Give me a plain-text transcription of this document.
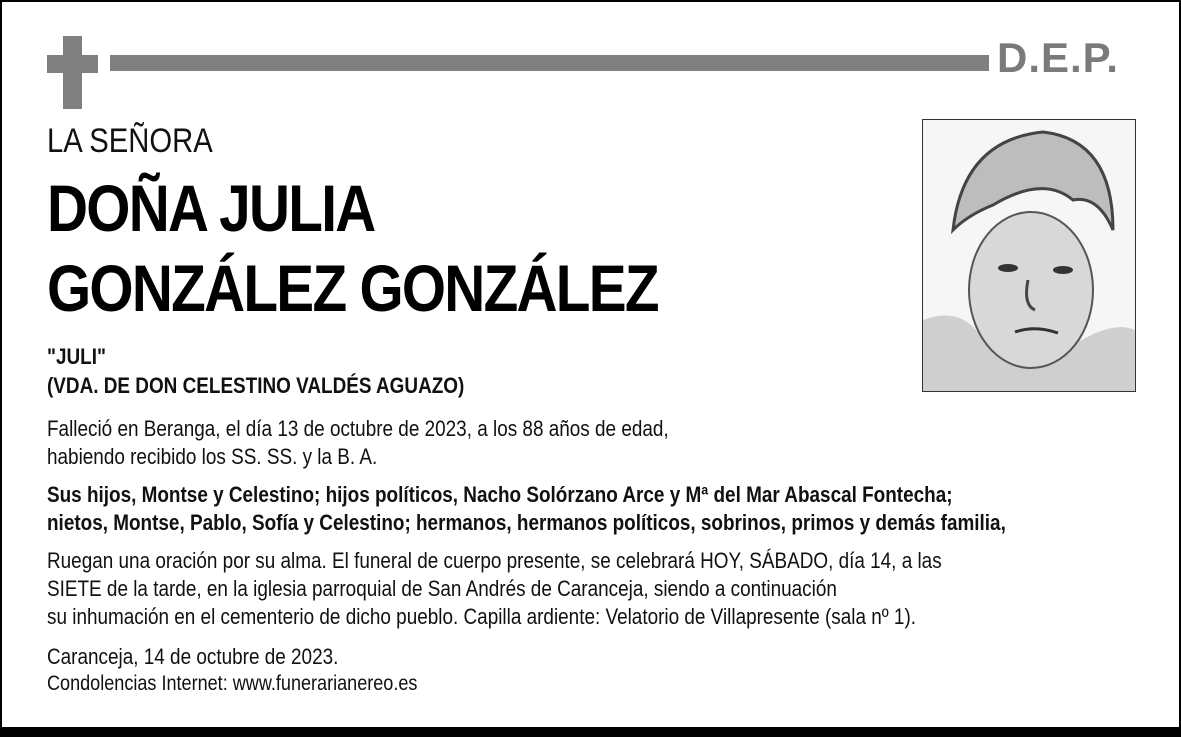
D.E.P.
LA SEÑORA
DOÑA JULIA
GONZÁLEZ GONZÁLEZ
"JULI"
(VDA. DE DON CELESTINO VALDÉS AGUAZO)
Falleció en Beranga, el día 13 de octubre de 2023, a los 88 años de edad,
habiendo recibido los SS. SS. y la B. A.
Sus hijos, Montse y Celestino; hijos políticos, Nacho Solórzano Arce y Mª del Mar Abascal Fontecha;
nietos, Montse, Pablo, Sofía y Celestino; hermanos, hermanos políticos, sobrinos, primos y demás familia,
Ruegan una oración por su alma. El funeral de cuerpo presente, se celebrará HOY, SÁBADO, día 14, a las
SIETE de la tarde, en la iglesia parroquial de San Andrés de Caranceja, siendo a continuación
su inhumación en el cementerio de dicho pueblo. Capilla ardiente: Velatorio de Villapresente (sala nº 1).
Caranceja, 14 de octubre de 2023.
Condolencias Internet: www.funerarianereo.es
